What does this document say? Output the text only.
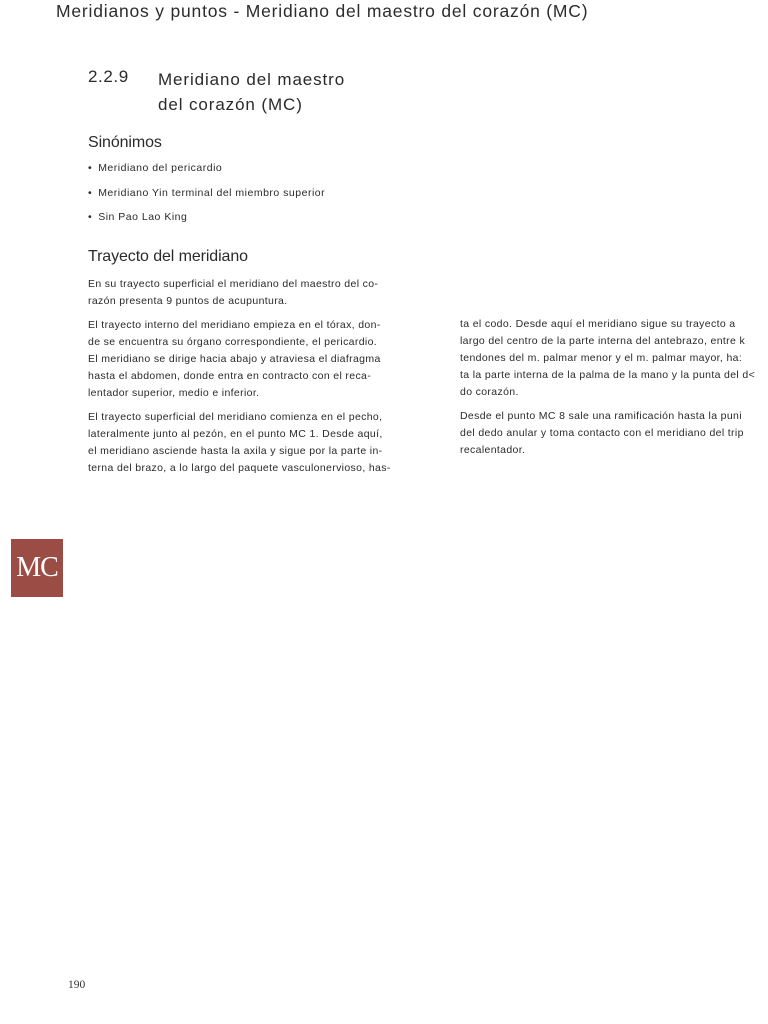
Meridianos y puntos - Meridiano del maestro del corazón (MC)
2.2.9 Meridiano del maestro
del corazón (MC)
Sinónimos
• Meridiano del pericardio
• Meridiano Yin terminal del miembro superior
• Sin Pao Lao King
Trayecto del meridiano

En su trayecto superficial el meridiano del maestro del co-
razón presenta 9 puntos de acupuntura.

El trayecto interno del meridiano empieza en el tórax, don-
de se encuentra su órgano correspondiente, el pericardio.
El meridiano se dirige hacia abajo y atraviesa el diafragma
hasta el abdomen, donde entra en contracto con el reca-
lentador superior, medio e inferior.

El trayecto superficial del meridiano comienza en el pecho,
lateralmente junto al pezón, en el punto MC 1. Desde aquí,
el meridiano asciende hasta la axila y sigue por la parte in-
terna del brazo, a lo largo del paquete vasculonervioso, has-

ta el codo. Desde aquí el meridiano sigue su trayecto a
largo del centro de la parte interna del antebrazo, entre k
tendones del m. palmar menor y el m. palmar mayor, ha:
ta la parte interna de la palma de la mano y la punta del d<
do corazón.

Desde el punto MC 8 sale una ramificación hasta la puni
del dedo anular y toma contacto con el meridiano del trip
recalentador.

MC
190
